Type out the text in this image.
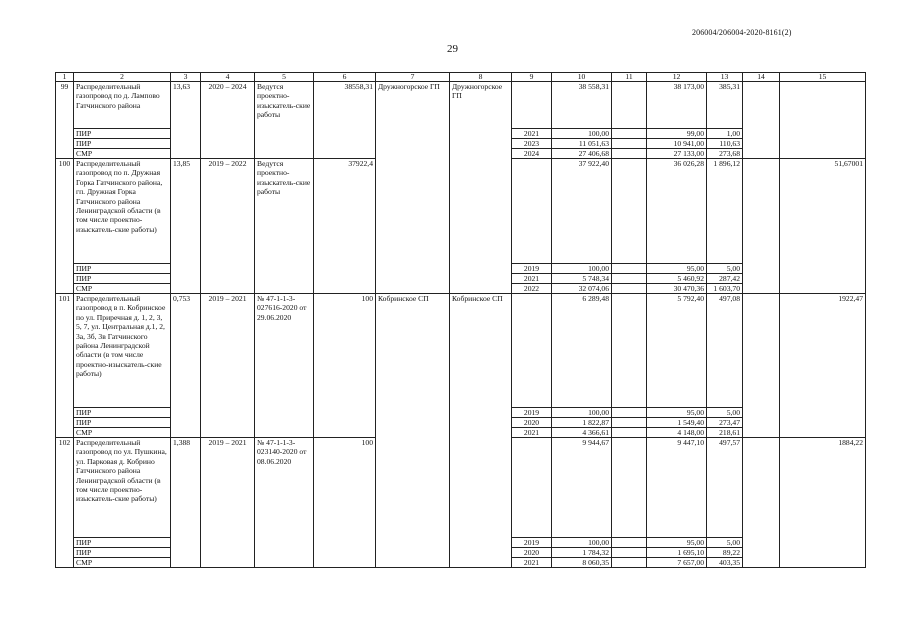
206004/206004-2020-8161(2)
29
1	2	3	4	5	6	7	8	9	10	11	12	13	14	15
99	Распределительный газопровод по д. Лампово Гатчинского района	13,63	2020 – 2024	Ведутся проектно-изыскатель-ские работы	38558,31	Дружногорское ГП	Дружногорское ГП		38 558,31		38 173,00	385,31		
	ПИР							2021	100,00		99,00	1,00		
	ПИР							2023	11 051,63		10 941,00	110,63		
	СМР							2024	27 406,68		27 133,00	273,68		
100	Распределительный газопровод по п. Дружная Горка Гатчинского района, гп. Дружная Горка Гатчинского района Ленинградской области (в том числе проектно-изыскатель-ские работы)	13,85	2019 – 2022	Ведутся проектно-изыскатель-ские работы	37922,4				37 922,40		36 026,28	1 896,12		51,67001
	ПИР							2019	100,00		95,00	5,00		
	ПИР							2021	5 748,34		5 460,92	287,42		
	СМР							2022	32 074,06		30 470,36	1 603,70		
101	Распределительный газопровод в п. Кобринское по ул. Приречная д. 1, 2, 3, 5, 7, ул. Центральная д.1, 2, 3а, 3б, 3в Гатчинского района Ленинградской области (в том числе проектно-изыскатель-ские работы)	0,753	2019 – 2021	№ 47-1-1-3-027616-2020 от 29.06.2020	100	Кобринское СП	Кобринское СП		6 289,48		5 792,40	497,08		1922,47
	ПИР							2019	100,00		95,00	5,00		
	ПИР							2020	1 822,87		1 549,40	273,47		
	СМР							2021	4 366,61		4 148,00	218,61		
102	Распределительный газопровод по ул. Пушкина, ул. Парковая д. Кобрино Гатчинского района Ленинградской области (в том числе проектно-изыскатель-ские работы)	1,388	2019 – 2021	№ 47-1-1-3-023140-2020 от 08.06.2020	100				9 944,67		9 447,10	497,57		1884,22
	ПИР							2019	100,00		95,00	5,00		
	ПИР							2020	1 784,32		1 695,10	89,22		
	СМР							2021	8 060,35		7 657,00	403,35		
